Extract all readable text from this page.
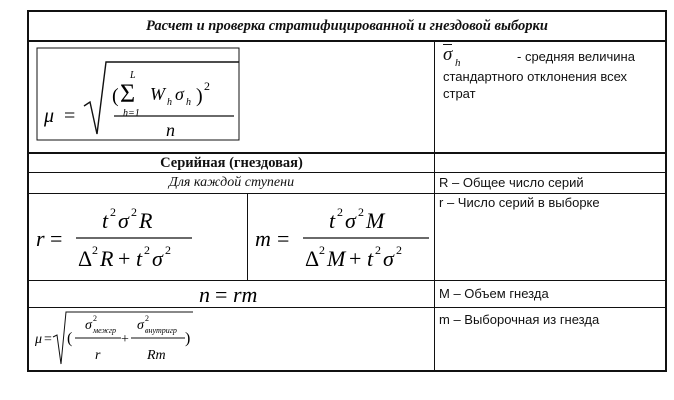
Расчет и проверка стратифицированной и гнездовой выборки
μ =
( Σ
L
h=1
W h σ h ) 2
n
σ h	- средняя величина
стандартного отклонения всех
страт
Серийная (гнездовая)
Для каждой ступени	R – Общее число серий
r =
t 2 σ 2 R
Δ 2 R + t 2 σ 2	m =
t 2 σ 2 M
Δ 2 M + t 2 σ 2
r – Число серий в выборке
n = rm	M – Объем гнезда
μ = (
σ 2
межгр
r
+
σ 2
внутригр
Rm
)
m – Выборочная из гнезда
